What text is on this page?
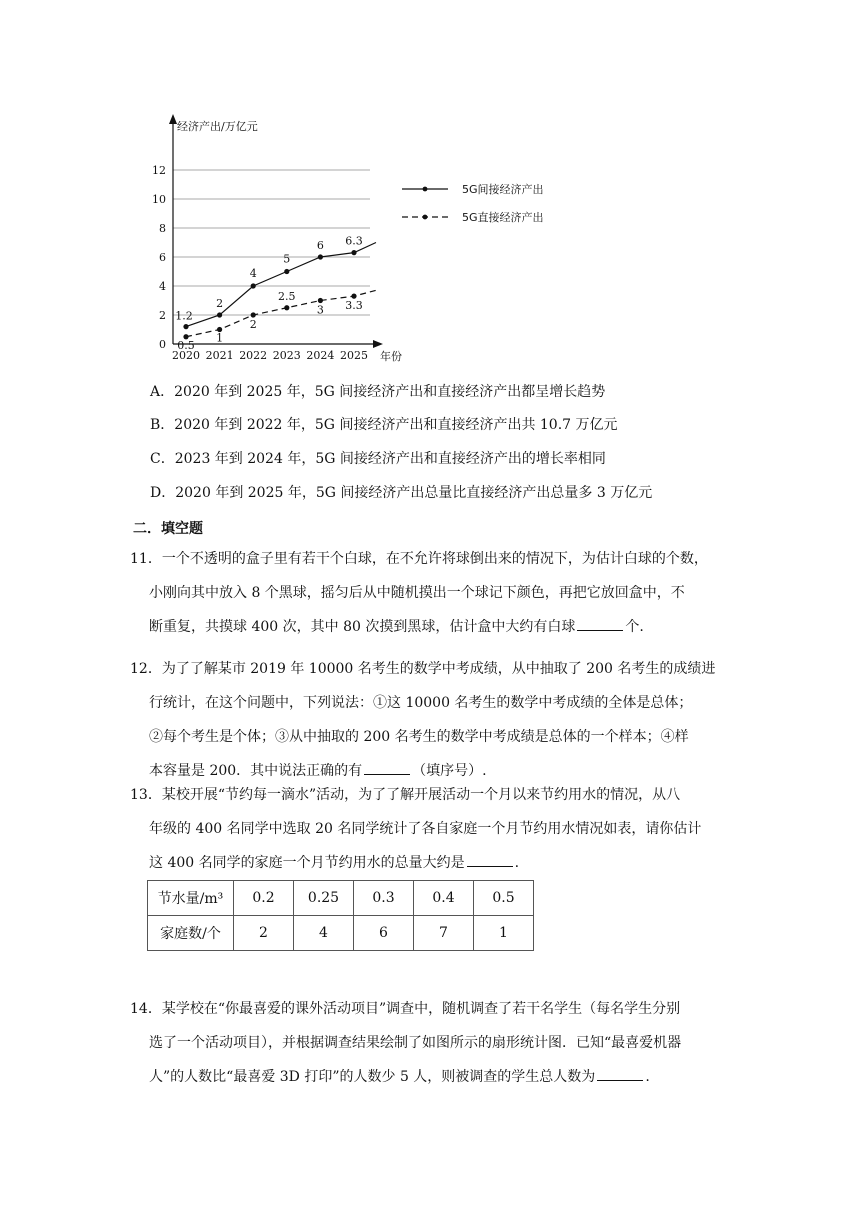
经济产出/万亿元
年份
0
2
4
6
8
10
12
2020 2021 2022 2023 2024 2025
1.2
2
4
5
6 6.3
0.5
1
2
2.5
3 3.3
5G间接经济产出
5G直接经济产出
A．2020 年到 2025 年，5G 间接经济产出和直接经济产出都呈增长趋势
B．2020 年到 2022 年，5G 间接经济产出和直接经济产出共 10.7 万亿元
C．2023 年到 2024 年，5G 间接经济产出和直接经济产出的增长率相同
D．2020 年到 2025 年，5G 间接经济产出总量比直接经济产出总量多 3 万亿元
二．填空题
11．一个不透明的盒子里有若干个白球，在不允许将球倒出来的情况下，为估计白球的个数，
小刚向其中放入 8 个黑球，摇匀后从中随机摸出一个球记下颜色，再把它放回盒中，不
断重复，共摸球 400 次，其中 80 次摸到黑球，估计盒中大约有白球	个.
12．为了了解某市 2019 年 10000 名考生的数学中考成绩，从中抽取了 200 名考生的成绩进
行统计，在这个问题中，下列说法：①这 10000 名考生的数学中考成绩的全体是总体；
②每个考生是个体；③从中抽取的 200 名考生的数学中考成绩是总体的一个样本；④样
本容量是 200．其中说法正确的有	（填序号）.
13．某校开展“节约每一滴水”活动，为了了解开展活动一个月以来节约用水的情况，从八
年级的 400 名同学中选取 20 名同学统计了各自家庭一个月节约用水情况如表，请你估计
这 400 名同学的家庭一个月节约用水的总量大约是	.
节水量/m³	0.2	0.25	0.3	0.4	0.5
家庭数/个	2	4	6	7	1
14．某学校在“你最喜爱的课外活动项目”调查中，随机调查了若干名学生（每名学生分别
选了一个活动项目），并根据调查结果绘制了如图所示的扇形统计图．已知“最喜爱机器
人”的人数比“最喜爱 3D 打印”的人数少 5 人，则被调查的学生总人数为	.
